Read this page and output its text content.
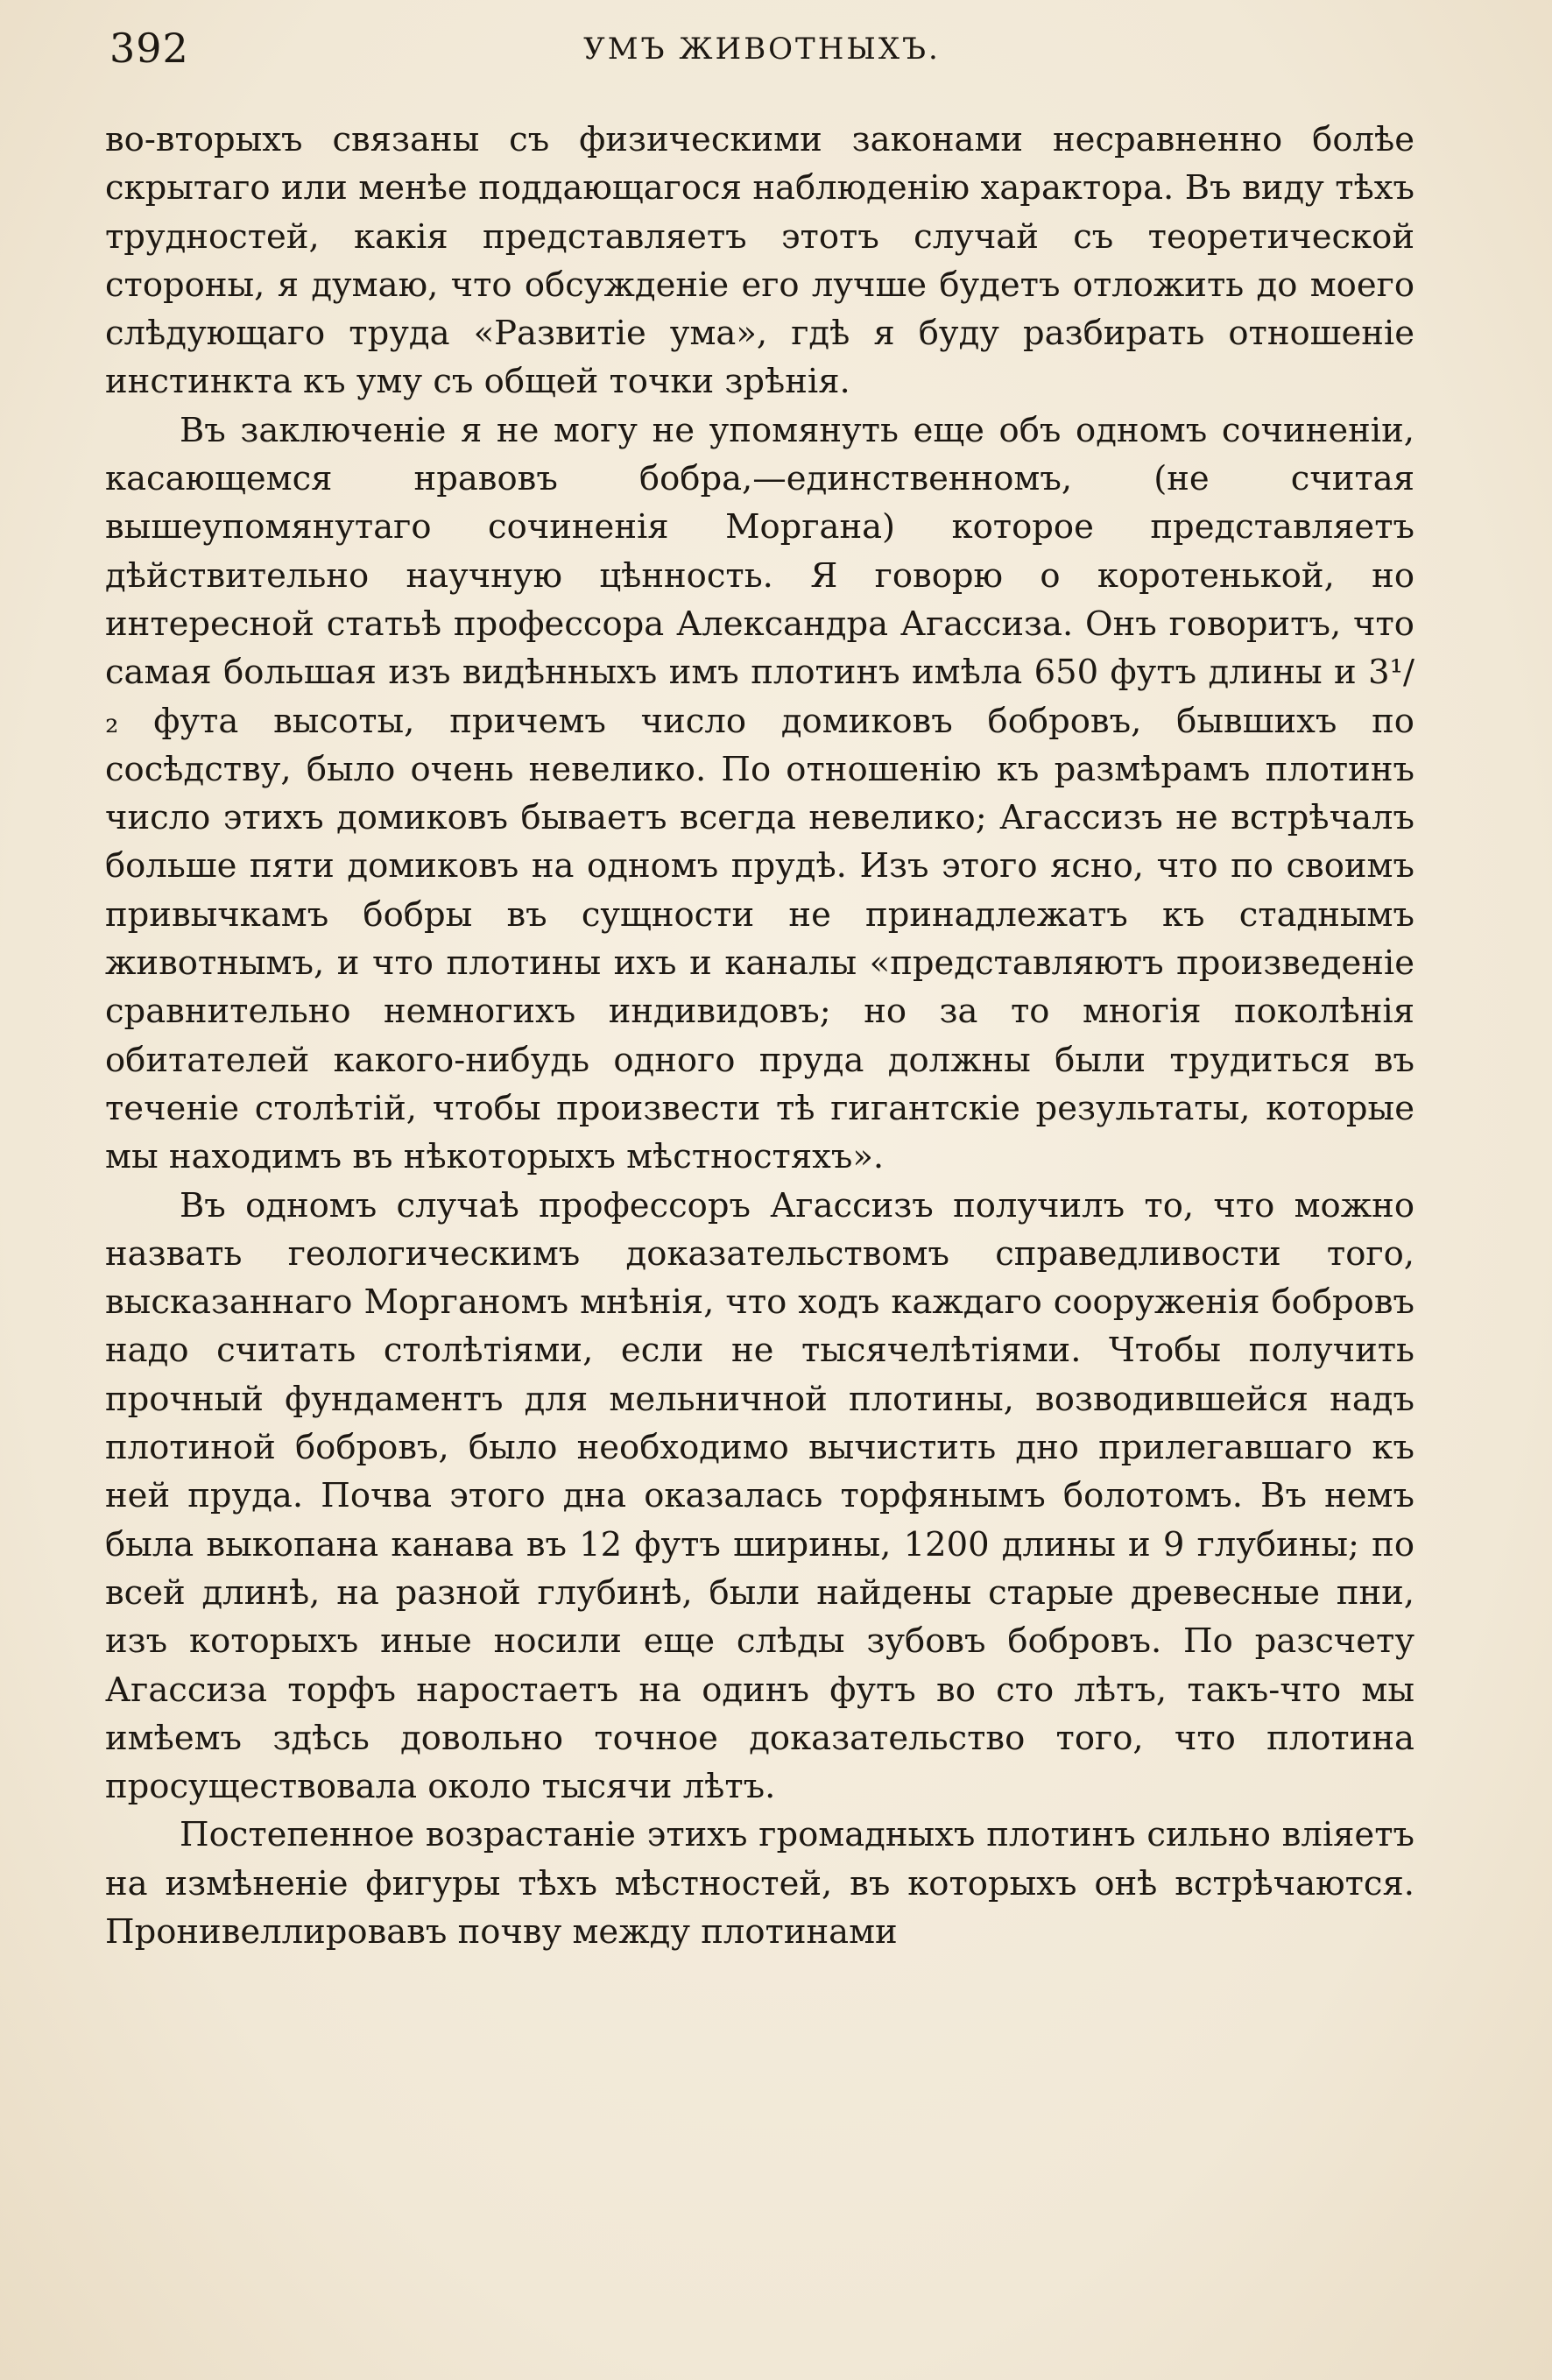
392	УМЪ ЖИВОТНЫХЪ.

во-вторыхъ связаны съ физическими законами несравненно болѣе скрытаго или менѣе поддающагося наблюденію характора. Въ виду тѣхъ трудностей, какія представляетъ этотъ случай съ теоретической стороны, я думаю, что обсужденіе его лучше будетъ отложить до моего слѣдующаго труда «Развитіе ума», гдѣ я буду разбирать отношеніе инстинкта къ уму съ общей точки зрѣнія.

Въ заключеніе я не могу не упомянуть еще объ одномъ сочиненіи, касающемся нравовъ бобра,—единственномъ, (не считая вышеупомянутаго сочиненія Моргана) которое представляетъ дѣйствительно научную цѣнность. Я говорю о коротенькой, но интересной статьѣ профессора Александра Агассиза. Онъ говоритъ, что самая большая изъ видѣнныхъ имъ плотинъ имѣла 650 футъ длины и 3¹/₂ фута высоты, причемъ число домиковъ бобровъ, бывшихъ по сосѣдству, было очень невелико. По отношенію къ размѣрамъ плотинъ число этихъ домиковъ бываетъ всегда невелико; Агассизъ не встрѣчалъ больше пяти домиковъ на одномъ прудѣ. Изъ этого ясно, что по своимъ привычкамъ бобры въ сущности не принадлежатъ къ стаднымъ животнымъ, и что плотины ихъ и каналы «представляютъ произведеніе сравнительно немногихъ индивидовъ; но за то многія поколѣнія обитателей какого-нибудь одного пруда должны были трудиться въ теченіе столѣтій, чтобы произвести тѣ гигантскіе результаты, которые мы находимъ въ нѣкоторыхъ мѣстностяхъ».

Въ одномъ случаѣ профессоръ Агассизъ получилъ то, что можно назвать геологическимъ доказательствомъ справедливости того, высказаннаго Морганомъ мнѣнія, что ходъ каждаго сооруженія бобровъ надо считать столѣтіями, если не тысячелѣтіями. Чтобы получить прочный фундаментъ для мельничной плотины, возводившейся надъ плотиной бобровъ, было необходимо вычистить дно прилегавшаго къ ней пруда. Почва этого дна оказалась торфянымъ болотомъ. Въ немъ была выкопана канава въ 12 футъ ширины, 1200 длины и 9 глубины; по всей длинѣ, на разной глубинѣ, были найдены старые древесные пни, изъ которыхъ иные носили еще слѣды зубовъ бобровъ. По разсчету Агассиза торфъ наростаетъ на одинъ футъ во сто лѣтъ, такъ-что мы имѣемъ здѣсь довольно точное доказательство того, что плотина просуществовала около тысячи лѣтъ.

Постепенное возрастаніе этихъ громадныхъ плотинъ сильно вліяетъ на измѣненіе фигуры тѣхъ мѣстностей, въ которыхъ онѣ встрѣчаются. Пронивеллировавъ почву между плотинами
